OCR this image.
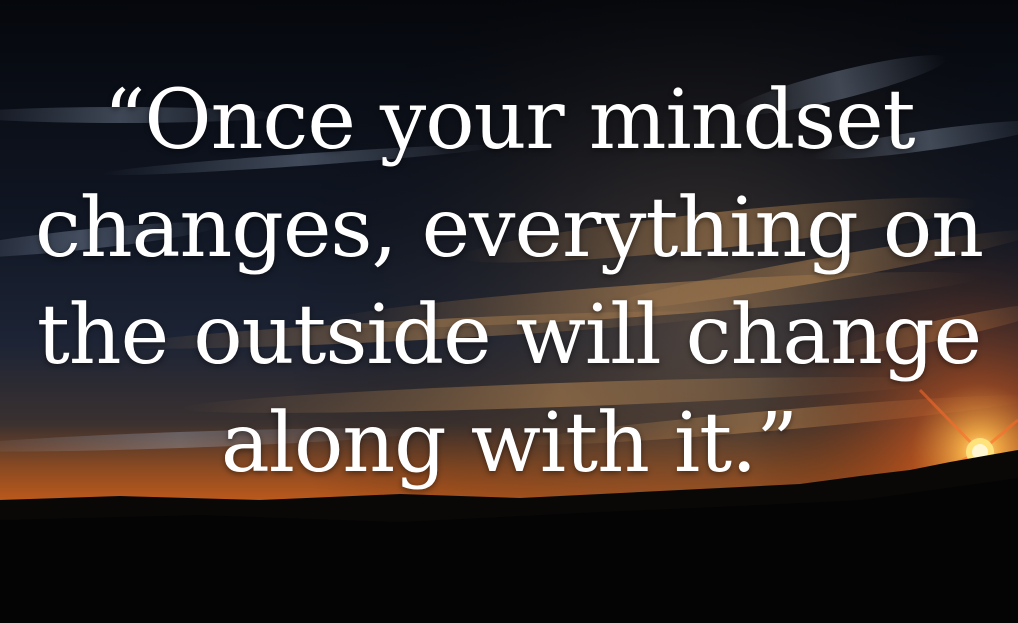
“Once your mindset
changes, everything on
the outside will change
along with it.”
